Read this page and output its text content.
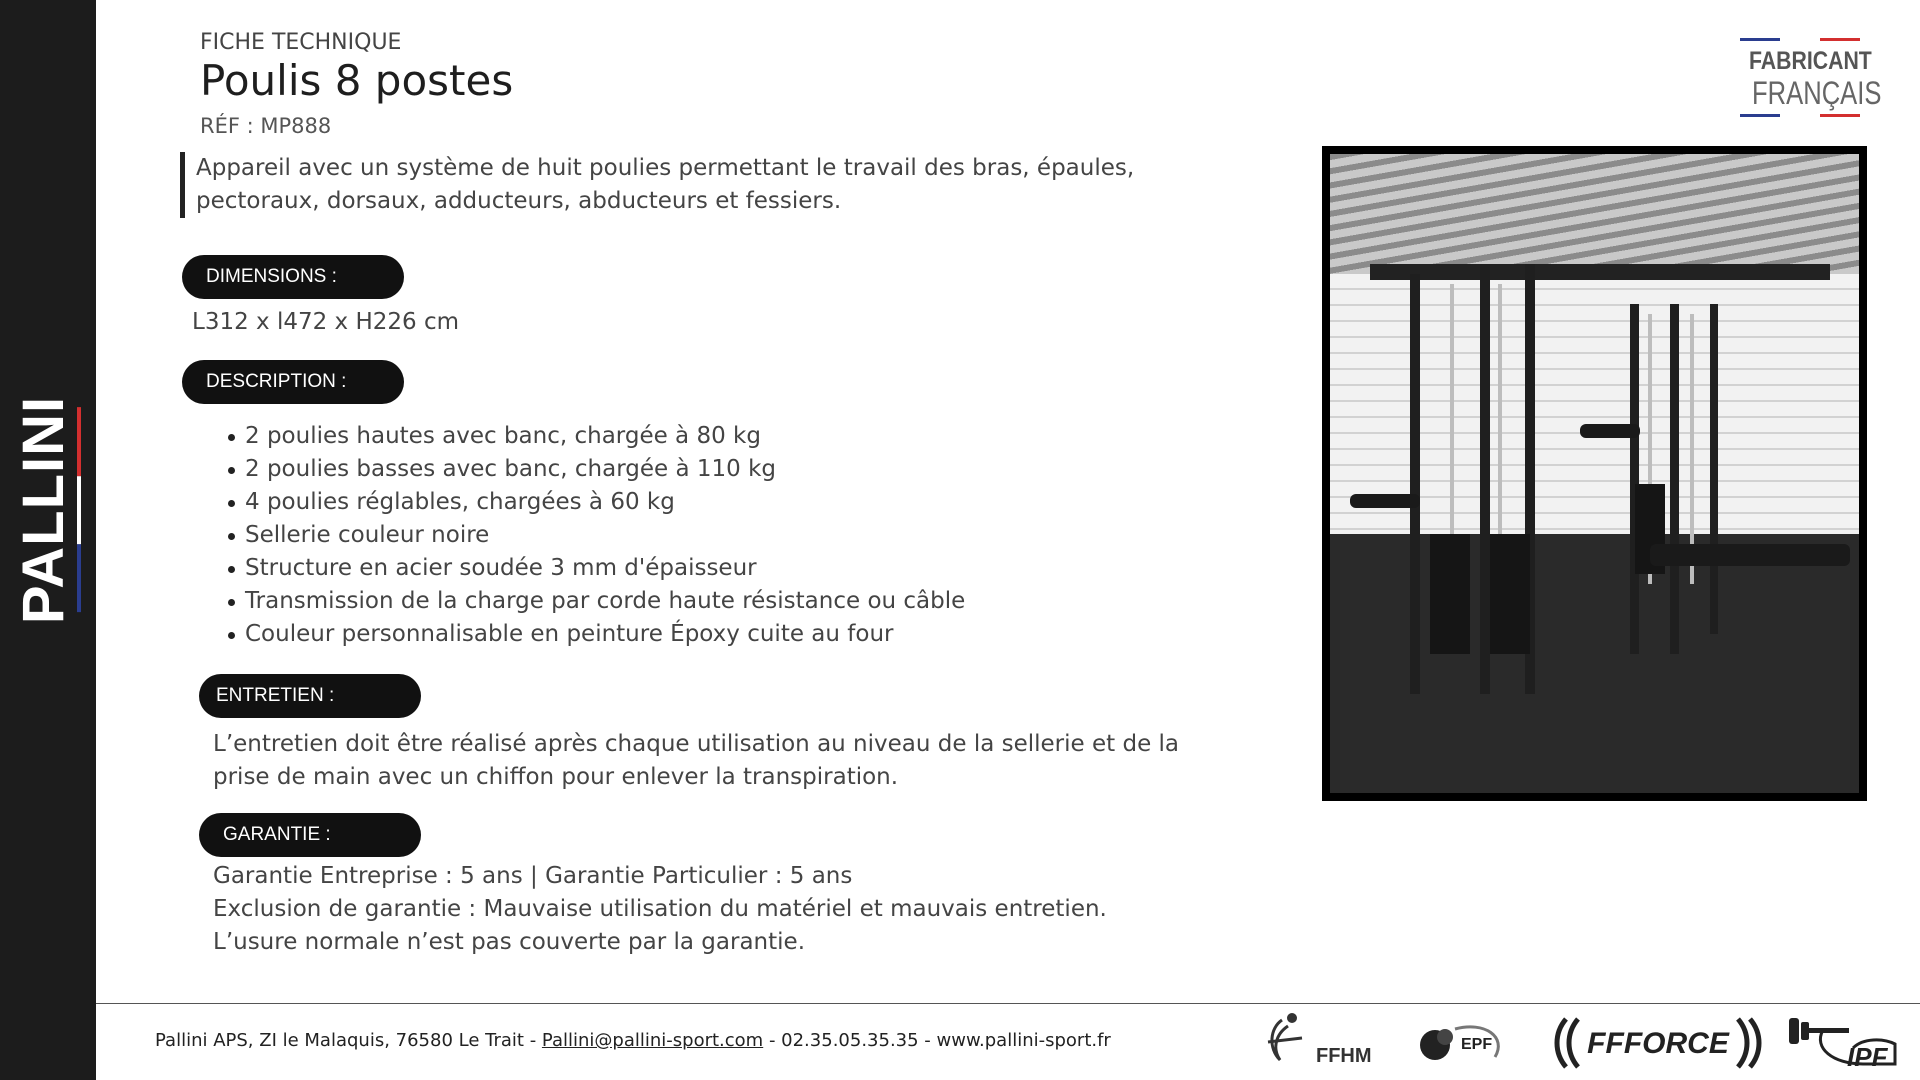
PALLINI
FICHE TECHNIQUE
Poulis 8 postes
RÉF : MP888
Appareil avec un système de huit poulies permettant le travail des bras, épaules, pectoraux, dorsaux, adducteurs, abducteurs et fessiers.
DIMENSIONS :
L312 x l472 x H226 cm
DESCRIPTION :
2 poulies hautes avec banc, chargée à 80 kg
2 poulies basses avec banc, chargée à 110 kg
4 poulies réglables, chargées à 60 kg
Sellerie couleur noire
Structure en acier soudée 3 mm d'épaisseur
Transmission de la charge par corde haute résistance ou câble
Couleur personnalisable en peinture Époxy cuite au four
ENTRETIEN :
L’entretien doit être réalisé après chaque utilisation au niveau de la sellerie et de la prise de main avec un chiffon pour enlever la transpiration.
GARANTIE :
Garantie Entreprise : 5 ans | Garantie Particulier : 5 ans
Exclusion de garantie : Mauvaise utilisation du matériel et mauvais entretien.
L’usure normale n’est pas couverte par la garantie.
FABRICANT
FRANÇAIS
Pallini APS, ZI le Malaquis, 76580 Le Trait - Pallini@pallini-sport.com - 02.35.05.35.35 - www.pallini-sport.fr
FFHM
EPF	FFFORCE	IPF
